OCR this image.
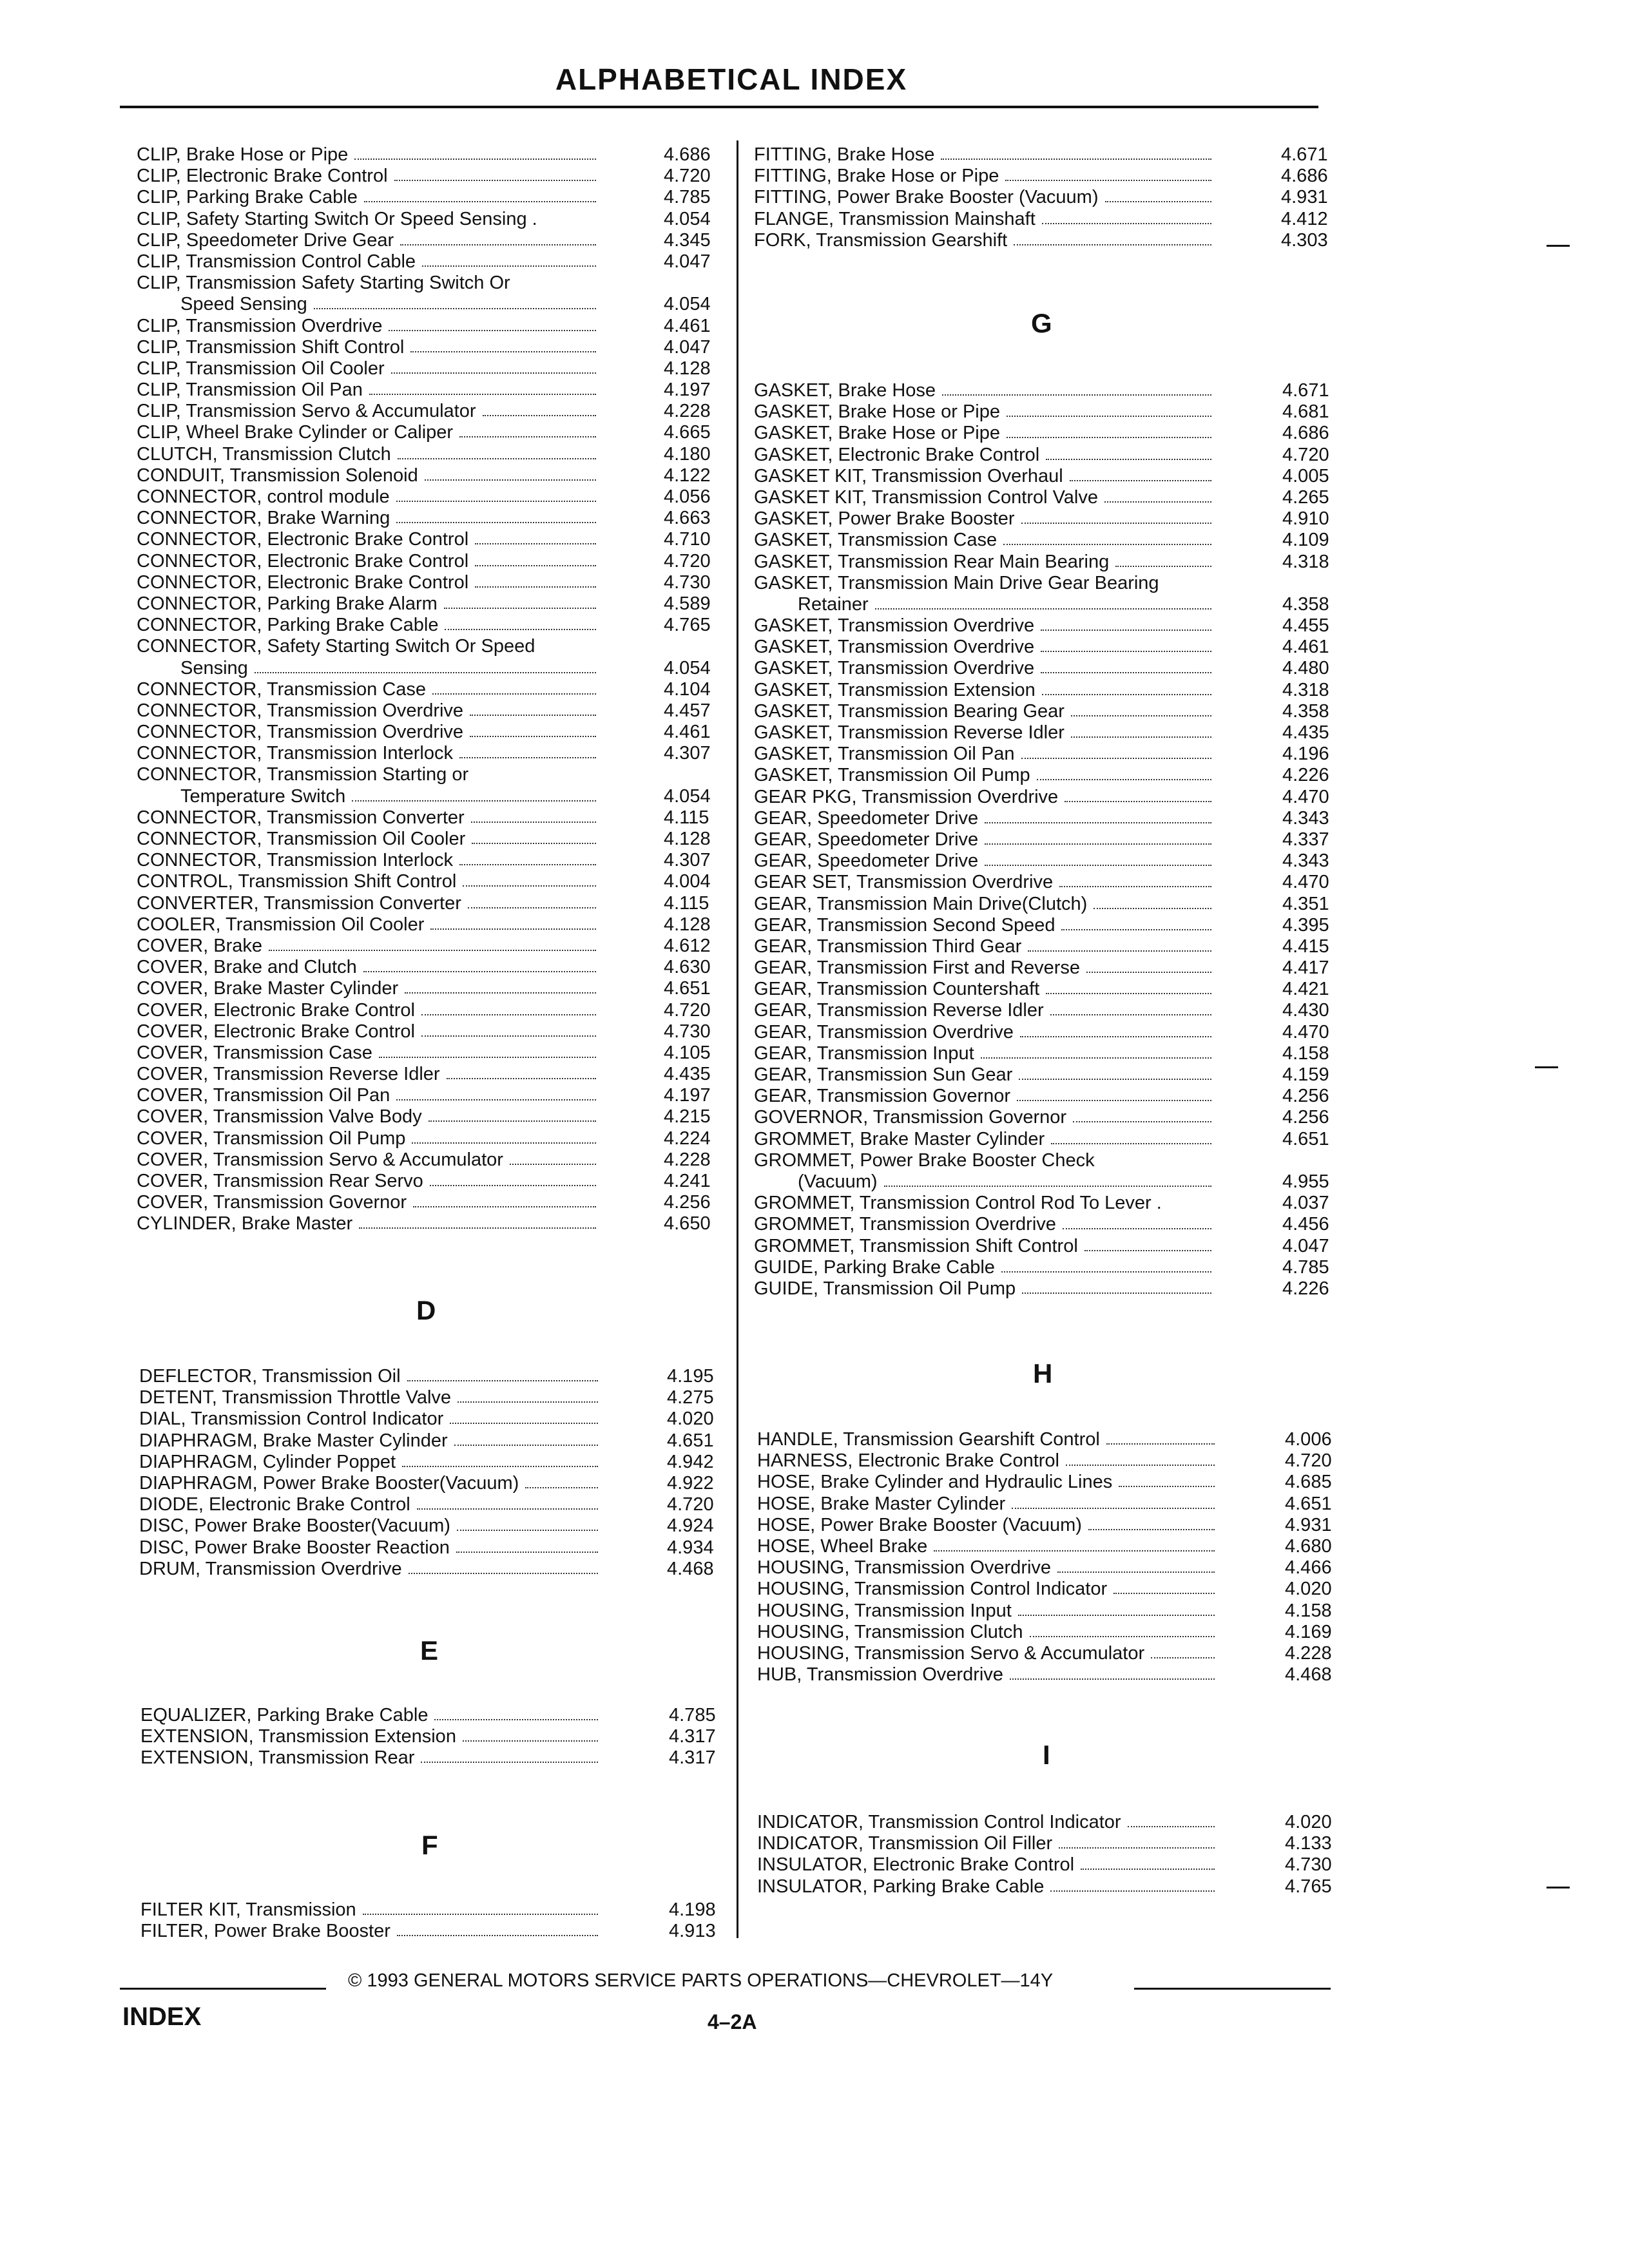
ALPHABETICAL INDEX
CLIP, Brake Hose or Pipe	4.686
CLIP, Electronic Brake Control	4.720
CLIP, Parking Brake Cable	4.785
CLIP, Safety Starting Switch Or Speed Sensing .	4.054
CLIP, Speedometer Drive Gear	4.345
CLIP, Transmission Control Cable	4.047
CLIP, Transmission Safety Starting Switch Or
Speed Sensing	4.054
CLIP, Transmission Overdrive	4.461
CLIP, Transmission Shift Control	4.047
CLIP, Transmission Oil Cooler	4.128
CLIP, Transmission Oil Pan	4.197
CLIP, Transmission Servo & Accumulator	4.228
CLIP, Wheel Brake Cylinder or Caliper	4.665
CLUTCH, Transmission Clutch	4.180
CONDUIT, Transmission Solenoid	4.122
CONNECTOR, control module	4.056
CONNECTOR, Brake Warning	4.663
CONNECTOR, Electronic Brake Control	4.710
CONNECTOR, Electronic Brake Control	4.720
CONNECTOR, Electronic Brake Control	4.730
CONNECTOR, Parking Brake Alarm	4.589
CONNECTOR, Parking Brake Cable	4.765
CONNECTOR, Safety Starting Switch Or Speed
Sensing	4.054
CONNECTOR, Transmission Case	4.104
CONNECTOR, Transmission Overdrive	4.457
CONNECTOR, Transmission Overdrive	4.461
CONNECTOR, Transmission Interlock	4.307
CONNECTOR, Transmission Starting or
Temperature Switch	4.054
CONNECTOR, Transmission Converter	4.115
CONNECTOR, Transmission Oil Cooler	4.128
CONNECTOR, Transmission Interlock	4.307
CONTROL, Transmission Shift Control	4.004
CONVERTER, Transmission Converter	4.115
COOLER, Transmission Oil Cooler	4.128
COVER, Brake	4.612
COVER, Brake and Clutch	4.630
COVER, Brake Master Cylinder	4.651
COVER, Electronic Brake Control	4.720
COVER, Electronic Brake Control	4.730
COVER, Transmission Case	4.105
COVER, Transmission Reverse Idler	4.435
COVER, Transmission Oil Pan	4.197
COVER, Transmission Valve Body	4.215
COVER, Transmission Oil Pump	4.224
COVER, Transmission Servo & Accumulator	4.228
COVER, Transmission Rear Servo	4.241
COVER, Transmission Governor	4.256
CYLINDER, Brake Master	4.650
D
DEFLECTOR, Transmission Oil	4.195
DETENT, Transmission Throttle Valve	4.275
DIAL, Transmission Control Indicator	4.020
DIAPHRAGM, Brake Master Cylinder	4.651
DIAPHRAGM, Cylinder Poppet	4.942
DIAPHRAGM, Power Brake Booster(Vacuum)	4.922
DIODE, Electronic Brake Control	4.720
DISC, Power Brake Booster(Vacuum)	4.924
DISC, Power Brake Booster Reaction	4.934
DRUM, Transmission Overdrive	4.468
E
EQUALIZER, Parking Brake Cable	4.785
EXTENSION, Transmission Extension	4.317
EXTENSION, Transmission Rear	4.317
F
FILTER KIT, Transmission	4.198
FILTER, Power Brake Booster	4.913
FITTING, Brake Hose	4.671
FITTING, Brake Hose or Pipe	4.686
FITTING, Power Brake Booster (Vacuum)	4.931
FLANGE, Transmission Mainshaft	4.412
FORK, Transmission Gearshift	4.303
G
GASKET, Brake Hose	4.671
GASKET, Brake Hose or Pipe	4.681
GASKET, Brake Hose or Pipe	4.686
GASKET, Electronic Brake Control	4.720
GASKET KIT, Transmission Overhaul	4.005
GASKET KIT, Transmission Control Valve	4.265
GASKET, Power Brake Booster	4.910
GASKET, Transmission Case	4.109
GASKET, Transmission Rear Main Bearing	4.318
GASKET, Transmission Main Drive Gear Bearing
Retainer	4.358
GASKET, Transmission Overdrive	4.455
GASKET, Transmission Overdrive	4.461
GASKET, Transmission Overdrive	4.480
GASKET, Transmission Extension	4.318
GASKET, Transmission Bearing Gear	4.358
GASKET, Transmission Reverse Idler	4.435
GASKET, Transmission Oil Pan	4.196
GASKET, Transmission Oil Pump	4.226
GEAR PKG, Transmission Overdrive	4.470
GEAR, Speedometer Drive	4.343
GEAR, Speedometer Drive	4.337
GEAR, Speedometer Drive	4.343
GEAR SET, Transmission Overdrive	4.470
GEAR, Transmission Main Drive(Clutch)	4.351
GEAR, Transmission Second Speed	4.395
GEAR, Transmission Third Gear	4.415
GEAR, Transmission First and Reverse	4.417
GEAR, Transmission Countershaft	4.421
GEAR, Transmission Reverse Idler	4.430
GEAR, Transmission Overdrive	4.470
GEAR, Transmission Input	4.158
GEAR, Transmission Sun Gear	4.159
GEAR, Transmission Governor	4.256
GOVERNOR, Transmission Governor	4.256
GROMMET, Brake Master Cylinder	4.651
GROMMET, Power Brake Booster Check
(Vacuum)	4.955
GROMMET, Transmission Control Rod To Lever .	4.037
GROMMET, Transmission Overdrive	4.456
GROMMET, Transmission Shift Control	4.047
GUIDE, Parking Brake Cable	4.785
GUIDE, Transmission Oil Pump	4.226
H
HANDLE, Transmission Gearshift Control	4.006
HARNESS, Electronic Brake Control	4.720
HOSE, Brake Cylinder and Hydraulic Lines	4.685
HOSE, Brake Master Cylinder	4.651
HOSE, Power Brake Booster (Vacuum)	4.931
HOSE, Wheel Brake	4.680
HOUSING, Transmission Overdrive	4.466
HOUSING, Transmission Control Indicator	4.020
HOUSING, Transmission Input	4.158
HOUSING, Transmission Clutch	4.169
HOUSING, Transmission Servo & Accumulator	4.228
HUB, Transmission Overdrive	4.468
I
INDICATOR, Transmission Control Indicator	4.020
INDICATOR, Transmission Oil Filler	4.133
INSULATOR, Electronic Brake Control	4.730
INSULATOR, Parking Brake Cable	4.765
© 1993 GENERAL MOTORS SERVICE PARTS OPERATIONS—CHEVROLET—14Y
INDEX	4–2A
